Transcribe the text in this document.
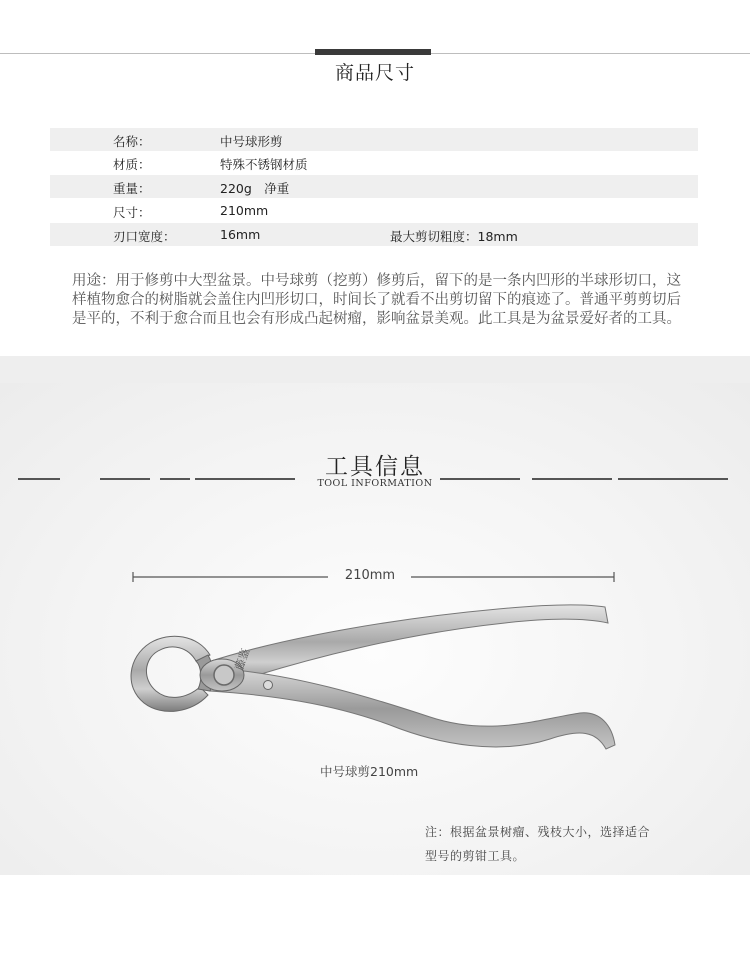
商品尺寸
名称：	中号球形剪
材质：	特殊不锈钢材质
重量：	220g　净重
尺寸：	210mm
刃口宽度：	16mm	最大剪切粗度：18mm
用途：用于修剪中大型盆景。中号球剪（挖剪）修剪后，留下的是一条内凹形的半球形切口，这样植物愈合的树脂就会盖住内凹形切口，时间长了就看不出剪切留下的痕迹了。普通平剪剪切后是平的，不利于愈合而且也会有形成凸起树瘤，影响盆景美观。此工具是为盆景爱好者的工具。
工具信息
TOOL INFORMATION
210mm
藤鉴
中号球剪210mm
注：根据盆景树瘤、残枝大小，选择适合
型号的剪钳工具。
